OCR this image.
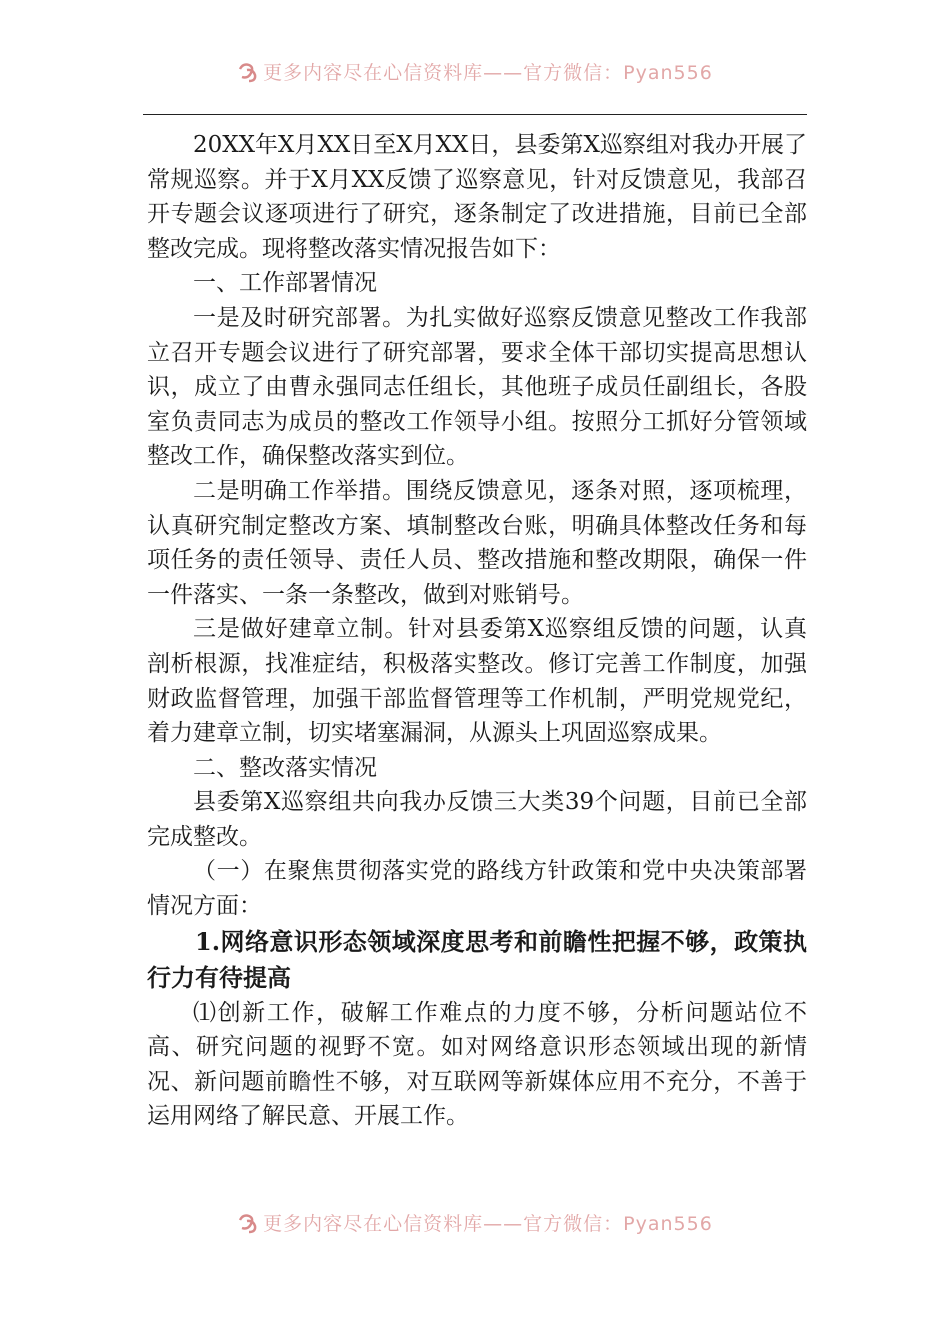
更多内容尽在心信资料库——官方微信：Pyan556

20XX年X月XX日至X月XX日，县委第X巡察组对我办开展了常规巡察。并于X月XX反馈了巡察意见，针对反馈意见，我部召开专题会议逐项进行了研究，逐条制定了改进措施，目前已全部整改完成。现将整改落实情况报告如下：

一、工作部署情况

一是及时研究部署。为扎实做好巡察反馈意见整改工作我部立召开专题会议进行了研究部署，要求全体干部切实提高思想认识，成立了由曹永强同志任组长，其他班子成员任副组长，各股室负责同志为成员的整改工作领导小组。按照分工抓好分管领域整改工作，确保整改落实到位。

二是明确工作举措。围绕反馈意见，逐条对照，逐项梳理，认真研究制定整改方案、填制整改台账，明确具体整改任务和每项任务的责任领导、责任人员、整改措施和整改期限，确保一件一件落实、一条一条整改，做到对账销号。

三是做好建章立制。针对县委第X巡察组反馈的问题，认真剖析根源，找准症结，积极落实整改。修订完善工作制度，加强财政监督管理，加强干部监督管理等工作机制，严明党规党纪，着力建章立制，切实堵塞漏洞，从源头上巩固巡察成果。

二、整改落实情况

县委第X巡察组共向我办反馈三大类39个问题，目前已全部完成整改。

（一）在聚焦贯彻落实党的路线方针政策和党中央决策部署情况方面：

1.网络意识形态领域深度思考和前瞻性把握不够，政策执行力有待提高

⑴创新工作，破解工作难点的力度不够，分析问题站位不高、研究问题的视野不宽。如对网络意识形态领域出现的新情况、新问题前瞻性不够，对互联网等新媒体应用不充分，不善于运用网络了解民意、开展工作。

更多内容尽在心信资料库——官方微信：Pyan556
